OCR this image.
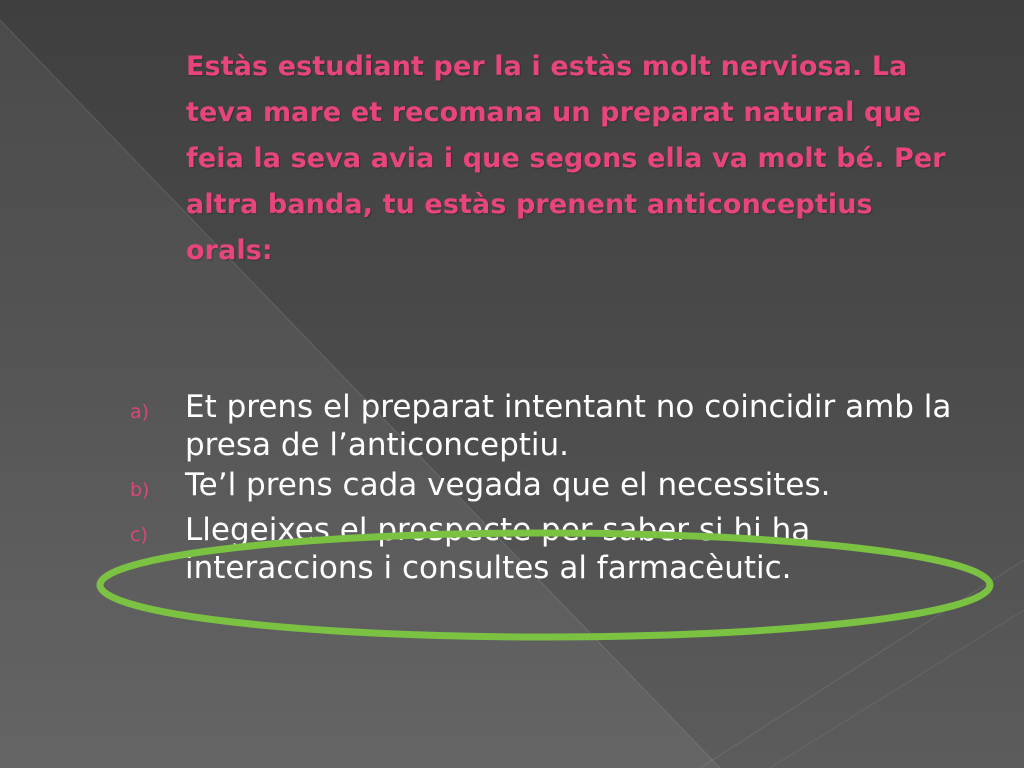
Estàs estudiant per la i estàs molt nerviosa. La teva mare et recomana un preparat natural que feia la seva avia i que segons ella va molt bé. Per altra banda, tu estàs prenent anticonceptius orals:

a)	Et prens el preparat intentant no coincidir amb la presa de l’anticonceptiu.
b)	Te’l prens cada vegada que el necessites.
c)	Llegeixes el prospecte per saber si hi ha interaccions i consultes al farmacèutic.
